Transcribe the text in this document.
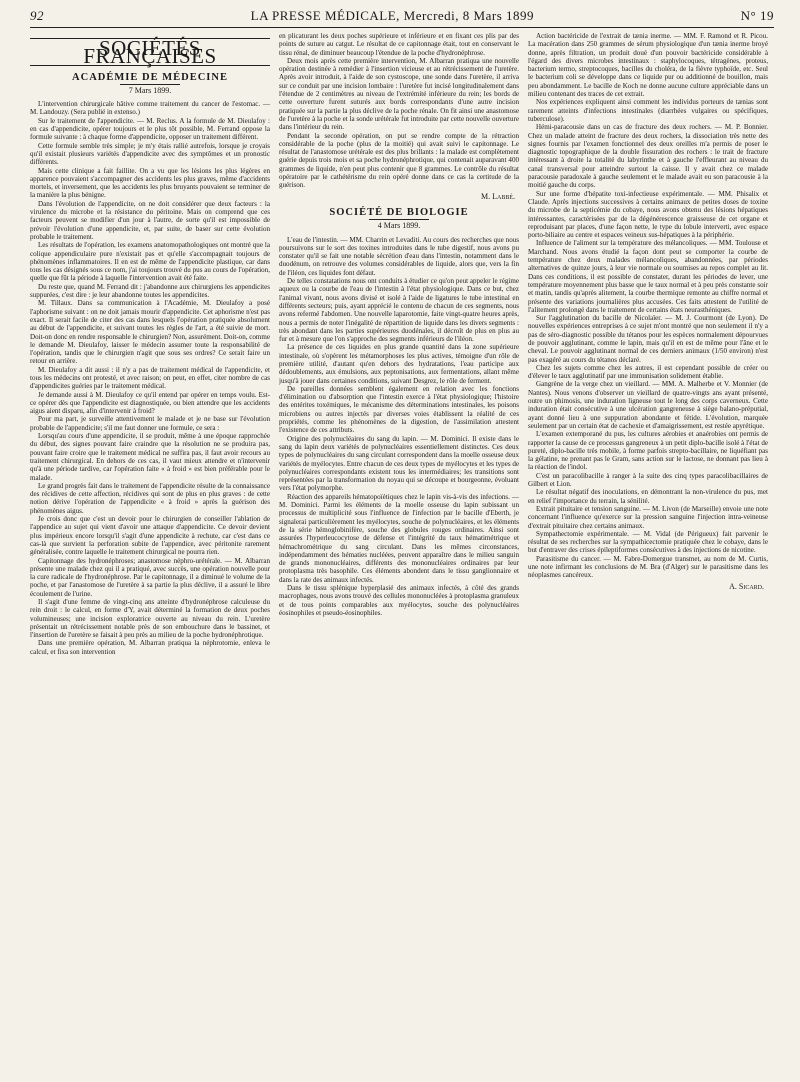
92	LA PRESSE MÉDICALE, Mercredi, 8 Mars 1899	N° 19
SOCIÉTÉS FRANÇAISES
ACADÉMIE DE MÉDECINE
7 Mars 1899.

L'intervention chirurgicale hâtive comme traitement du cancer de l'estomac. — M. Landouzy. (Sera publié in extenso.)

Sur le traitement de l'appendicite. — M. Reclus. A la formule de M. Dieulafoy : en cas d'appendicite, opérer toujours et le plus tôt possible, M. Ferrand oppose la formule suivante : à chaque forme d'appendicite, opposer un traitement différent.

Cette formule semble très simple; je m'y étais rallié autrefois, lorsque je croyais qu'il existait plusieurs variétés d'appendicite avec des symptômes et un pronostic différents.

Mais cette clinique a fait faillite. On a vu que les lésions les plus légères en apparence pouvaient s'accompagner des accidents les plus graves, même d'accidents mortels, et inversement, que les accidents les plus bruyants pouvaient se terminer de la manière la plus bénigne.

Dans l'évolution de l'appendicite, on ne doit considérer que deux facteurs : la virulence du microbe et la résistance du péritoine. Mais on comprend que ces facteurs peuvent se modifier d'un jour à l'autre, de sorte qu'il est impossible de prévoir l'évolution d'une appendicite, et, par suite, de baser sur cette évolution probable le traitement.

Les résultats de l'opération, les examens anatomopathologiques ont montré que la colique appendiculaire pure n'existait pas et qu'elle s'accompagnait toujours de phénomènes inflammatoires. Il en est de même de l'appendicite plastique, car dans tous les cas désignés sous ce nom, j'ai toujours trouvé du pus au cours de l'opération, quelle que fût la période à laquelle l'intervention avait été faite.

Du reste que, quand M. Ferrand dit : j'abandonne aux chirurgiens les appendicites suppurées, c'est dire : je leur abandonne toutes les appendicites.

M. Tillaux. Dans sa communication à l'Académie, M. Dieulafoy a posé l'aphorisme suivant : on ne doit jamais mourir d'appendicite. Cet aphorisme n'est pas exact. Il serait facile de citer des cas dans lesquels l'opération pratiquée absolument au début de l'appendicite, et suivant toutes les règles de l'art, a été suivie de mort. Doit-on donc en rendre responsable le chirurgien? Non, assurément. Doit-on, comme le demande M. Dieulafoy, laisser le médecin assumer toute la responsabilité de l'opération, tandis que le chirurgien n'agit que sous ses ordres? Ce serait faire un retour en arrière.

M. Dieulafoy a dit aussi : il n'y a pas de traitement médical de l'appendicite, et tous les médecins ont protesté, et avec raison; on peut, en effet, citer nombre de cas d'appendicites guéries par le traitement médical.

Je demande aussi à M. Dieulafoy ce qu'il entend par opérer en temps voulu. Est-ce opérer dès que l'appendicite est diagnostiquée, ou bien attendre que les accidents aigus aient disparu, afin d'intervenir à froid?

Pour ma part, je surveille attentivement le malade et je ne base sur l'évolution probable de l'appendicite; s'il me faut donner une formule, ce sera :

Lorsqu'au cours d'une appendicite, il se produit, même à une époque rapprochée du début, des signes pouvant faire craindre que la résolution ne se produira pas, pouvant faire croire que le traitement médical ne suffira pas, il faut avoir recours au traitement chirurgical. En dehors de ces cas, il vaut mieux attendre et n'intervenir qu'à une période tardive, car l'opération faite « à froid » est bien préférable pour le malade.

Le grand progrès fait dans le traitement de l'appendicite résulte de la connaissance des récidives de cette affection, récidives qui sont de plus en plus graves : de cette notion dérive l'opération de l'appendicite « à froid » après la guérison des phénomènes aigus.

Je crois donc que c'est un devoir pour le chirurgien de conseiller l'ablation de l'appendice au sujet qui vient d'avoir une attaque d'appendicite. Ce devoir devient plus impérieux encore lorsqu'il s'agit d'une appendicite à rechute, car c'est dans ce cas-là que survient la perforation subite de l'appendice, avec péritonite rarement généralisée, contre laquelle le traitement chirurgical ne pourra rien.

Capitonnage des hydronéphroses; anastomose néphro-urétérale. — M. Albarran présente une malade chez qui il a pratiqué, avec succès, une opération nouvelle pour la cure radicale de l'hydronéphrose. Par le capitonnage, il a diminué le volume de la poche, et par l'anastomose de l'uretère à sa partie la plus déclive, il a assuré le libre écoulement de l'urine.

Il s'agit d'une femme de vingt-cinq ans atteinte d'hydronéphrose calculeuse du rein droit : le calcul, en forme d'Y, avait déterminé la formation de deux poches volumineuses; une incision exploratrice ouverte au niveau du rein. L'uretère présentait un rétrécissement notable près de son embouchure dans le bassinet, et l'insertion de l'uretère se faisait à peu près au milieu de la poche hydronéphrotique.

Dans une première opération, M. Albarran pratiqua la néphrotomie, enleva le calcul, et fixa son intervention

en plicaturant les deux poches supérieure et inférieure et en fixant ces plis par des points de suture au catgut. Le résultat de ce capitonnage était, tout en conservant le tissu rénal, de diminuer beaucoup l'étendue de la poche d'hydronéphrose.

Deux mois après cette première intervention, M. Albarran pratiqua une nouvelle opération destinée à remédier à l'insertion vicieuse et au rétrécissement de l'uretère. Après avoir introduit, à l'aide de son cystoscope, une sonde dans l'uretère, il arriva sur ce conduit par une incision lombaire : l'uretère fut incisé longitudinalement dans l'étendue de 2 centimètres au niveau de l'extrémité inférieure du rein; les bords de cette ouverture furent suturés aux bords correspondants d'une autre incision pratiquée sur la partie la plus déclive de la poche rénale. On fit ainsi une anastomose de l'uretère à la poche et la sonde urétérale fut introduite par cette nouvelle ouverture dans l'intérieur du rein.

Pendant la seconde opération, on put se rendre compte de la rétraction considérable de la poche (plus de la moitié) qui avait suivi le capitonnage. Le résultat de l'anastomose urétérale est des plus brillants : la malade est complètement guérie depuis trois mois et sa poche hydronéphrotique, qui contenait auparavant 400 grammes de liquide, n'en peut plus contenir que 8 grammes. Le contrôle du résultat opératoire par le cathétérisme du rein opéré donne dans ce cas la certitude de la guérison.

M. Labbé.
SOCIÉTÉ DE BIOLOGIE
4 Mars 1899.

L'eau de l'intestin. — MM. Charrin et Levaditi. Au cours des recherches que nous poursuivons sur le sort des toxines introduites dans le tube digestif, nous avons pu constater qu'il se fait une notable sécrétion d'eau dans l'intestin, notamment dans le duodénum, on retrouve des volumes considérables de liquide, alors que, vers la fin de l'iléon, ces liquides font défaut.

De telles constatations nous ont conduits à étudier ce qu'on peut appeler le régime aqueux ou la courbe de l'eau de l'intestin à l'état physiologique. Dans ce but, chez l'animal vivant, nous avons divisé et isolé à l'aide de ligatures le tube intestinal en différents secteurs; puis, ayant apprécié le contenu de chacun de ces segments, nous avons refermé l'abdomen. Une nouvelle laparotomie, faite vingt-quatre heures après, nous a permis de noter l'inégalité de répartition de liquide dans les divers segments : très abondant dans les parties supérieures duodénales, il décroît de plus en plus au fur et à mesure que l'on s'approche des segments inférieurs de l'iléon.

La présence de ces liquides en plus grande quantité dans la zone supérieure intestinale, où s'opèrent les métamorphoses les plus actives, témoigne d'un rôle de première utilité, d'autant qu'en dehors des hydratations, l'eau participe aux dédoublements, aux émulsions, aux peptonisations, aux fermentations, allant même jusqu'à jouer dans certaines conditions, suivant Desgrez, le rôle de ferment.

De pareilles données semblent également en relation avec les fonctions d'élimination ou d'absorption que l'intestin exerce à l'état physiologique; l'histoire des entérites toxémiques, le mécanisme des déterminations intestinales, les poisons microbiens ou autres injectés par diverses voies établissent la réalité de ces propriétés, comme les phénomènes de la digestion, de l'assimilation attestent l'existence de ces attributs.

Origine des polynucléaires du sang du lapin. — M. Dominici. Il existe dans le sang du lapin deux variétés de polynucléaires essentiellement distinctes. Ces deux types de polynucléaires du sang circulant correspondent dans la moelle osseuse deux variétés de myélocytes. Entre chacun de ces deux types de myélocytes et les types de polynucléaires correspondants existent tous les intermédiaires; les transitions sont représentées par la transformation du noyau qui se découpe et bourgeonne, évoluant vers l'état polymorphe.

Réaction des appareils hématopoïétiques chez le lapin vis-à-vis des infections. — M. Dominici. Parmi les éléments de la moelle osseuse du lapin subissant un processus de multiplicité sous l'influence de l'infection par le bacille d'Eberth, je signalerai particulièrement les myélocytes, souche de polynucléaires, et les éléments de la série hémoglobinifère, souche des globules rouges ordinaires. Ainsi sont assurées l'hyperleucocytose de défense et l'intégrité du taux hématimétrique et hémachrométrique du sang circulant. Dans les mêmes circonstances, indépendamment des hématies nucléées, peuvent apparaître dans le milieu sanguin de grands mononucléaires, différents des mononucléaires ordinaires par leur protoplasma très basophile. Ces éléments abondent dans le tissu ganglionnaire et dans la rate des animaux infectés.

Dans le tissu splénique hyperplasié des animaux infectés, à côté des grands macrophages, nous avons trouvé des cellules mononucléées à protoplasma granuleux et de tous points comparables aux myélocytes, souche des polynucléaires éosinophiles et pseudo-éosinophiles.

Action bactéricide de l'extrait de tænia inerme. — MM. F. Ramond et R. Picou. La macération dans 250 grammes de sérum physiologique d'un tænia inerme broyé donne, après filtration, un produit doué d'un pouvoir bactéricide considérable à l'égard des divers microbes intestinaux : staphylocoques, tétragènes, proteus, bacterium termo, streptocoques, bacilles du choléra, de la fièvre typhoïde, etc. Seul le bacterium coli se développe dans ce liquide pur ou additionné de bouillon, mais peu abondamment. Le bacille de Koch ne donne aucune culture appréciable dans un milieu contenant des traces de cet extrait.

Nos expériences expliquent ainsi comment les individus porteurs de tænias sont rarement atteints d'infections intestinales (diarrhées vulgaires ou spécifiques, tuberculose).

Hémi-paracousie dans un cas de fracture des deux rochers. — M. P. Bonnier. Chez un malade atteint de fracture des deux rochers, la dissociation très nette des signes fournis par l'examen fonctionnel des deux oreilles m'a permis de poser le diagnostic topographique de la double fissuration des rochers : le trait de fracture intéressant à droite la totalité du labyrinthe et à gauche l'effleurant au niveau du canal transversal pour atteindre surtout la caisse. Il y avait chez ce malade paracousie paradoxale à gauche seulement et le malade avait eu son paracousie à la moitié gauche du corps.

Sur une forme d'hépatite toxi-infectieuse expérimentale. — MM. Phisalix et Claude. Après injections successives à certains animaux de petites doses de toxine du microbe de la septicémie du cobaye, nous avons obtenu des lésions hépatiques intéressantes, caractérisées par de la dégénérescence graisseuse de cet organe et reproduisant par places, d'une façon nette, le type du lobule interverti, avec espace porto-biliaire au centre et espaces veineux sus-hépatiques à la périphérie.

Influence de l'aliment sur la température des mélancoliques. — MM. Toulouse et Marchand. Nous avons étudié la façon dont peut se comporter la courbe de température chez deux malades mélancoliques, abandonnées, par périodes alternatives de quinze jours, à leur vie normale ou soumises au repos complet au lit. Dans ces conditions, il est possible de constater, durant les périodes de lever, une température moyennement plus basse que le taux normal et à peu près constante soir et matin, tandis qu'après alitement, la courbe thermique remonte au chiffre normal et présente des variations journalières plus accusées. Ces faits attestent de l'utilité de l'alitement prolongé dans le traitement de certains états neurasthéniques.

Sur l'agglutination du bacille de Nicolaïer. — M. J. Courmont (de Lyon). De nouvelles expériences entreprises à ce sujet m'ont montré que non seulement il n'y a pas de séro-diagnostic possible du tétanos pour les espèces normalement dépourvues de pouvoir agglutinant, comme le lapin, mais qu'il en est de même pour l'âne et le cheval. Le pouvoir agglutinant normal de ces derniers animaux (1/50 environ) n'est pas exagéré au cours du tétanos déclaré.

Chez les sujets comme chez les autres, il est cependant possible de créer ou d'élever le taux agglutinatif par une immunisation solidement établie.

Gangrène de la verge chez un vieillard. — MM. A. Malherbe et V. Monnier (de Nantes). Nous venons d'observer un vieillard de quatre-vingts ans ayant présenté, outre un phimosis, une induration ligneuse tout le long des corps caverneux. Cette induration était consécutive à une ulcération gangreneuse à siège balano-préputial, ayant donné lieu à une suppuration abondante et fétide. L'évolution, marquée seulement par un certain état de cachexie et d'amaigrissement, est restée apyrétique.

L'examen extemporané du pus, les cultures aérobies et anaérobies ont permis de rapporter la cause de ce processus gangreneux à un petit diplo-bacille isolé à l'état de pureté, diplo-bacille très mobile, à forme parfois strepto-bacillaire, ne liquéfiant pas la gélatine, ne prenant pas le Gram, sans action sur le lactose, ne donnant pas lieu à la réaction de l'indol.

C'est un paracolibacille à ranger à la suite des cinq types paracolibacillaires de Gilbert et Lion.

Le résultat négatif des inoculations, en démontrant la non-virulence du pus, met en relief l'importance du terrain, la sénilité.

Extrait pituitaire et tension sanguine. — M. Livon (de Marseille) envoie une note concernant l'influence qu'exerce sur la pression sanguine l'injection intra-veineuse d'extrait pituitaire chez certains animaux.

Sympathectomie expérimentale. — M. Vidal (de Périgueux) fait parvenir le résultat de ses recherches sur la sympathicectomie pratiquée chez le cobaye, dans le but d'entraver des crises épileptiformes consécutives à des injections de nicotine.

Parasitisme du cancer. — M. Fabre-Domergue transmet, au nom de M. Curtis, une note infirmant les conclusions de M. Bra (d'Alger) sur le parasitisme dans les néoplasmes cancéreux.

A. Sicard.
